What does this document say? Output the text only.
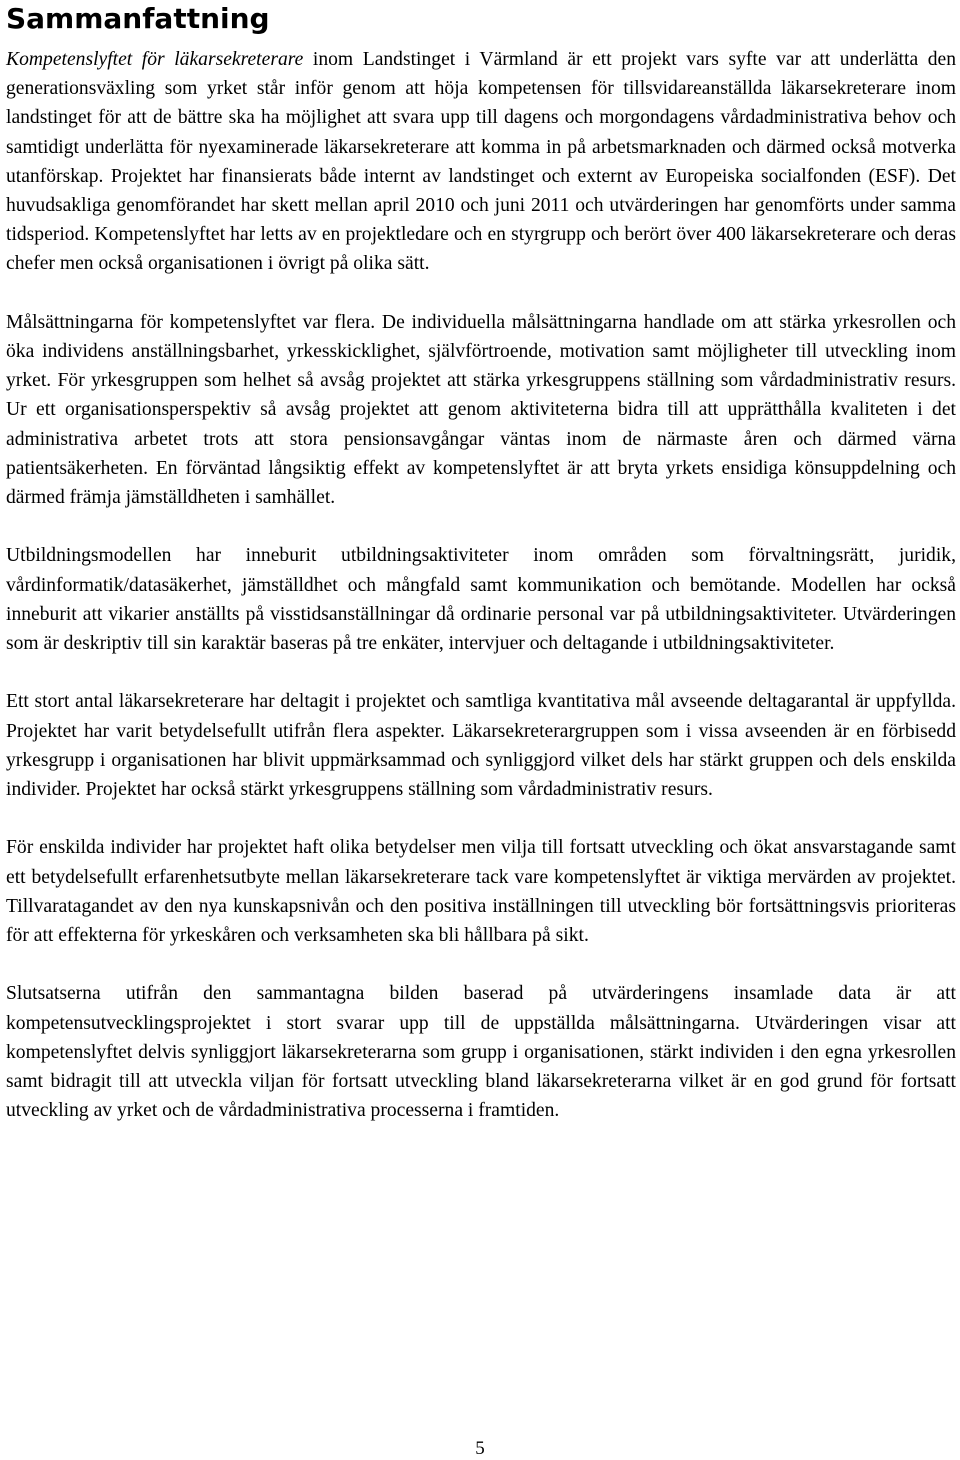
Sammanfattning

Kompetenslyftet för läkarsekreterare inom Landstinget i Värmland är ett projekt vars syfte var att underlätta den generationsväxling som yrket står inför genom att höja kompetensen för tillsvidareanställda läkarsekreterare inom landstinget för att de bättre ska ha möjlighet att svara upp till dagens och morgondagens vårdadministrativa behov och samtidigt underlätta för nyexaminerade läkarsekreterare att komma in på arbetsmarknaden och därmed också motverka utanförskap. Projektet har finansierats både internt av landstinget och externt av Europeiska socialfonden (ESF). Det huvudsakliga genomförandet har skett mellan april 2010 och juni 2011 och utvärderingen har genomförts under samma tidsperiod. Kompetenslyftet har letts av en projektledare och en styrgrupp och berört över 400 läkarsekreterare och deras chefer men också organisationen i övrigt på olika sätt.

Målsättningarna för kompetenslyftet var flera. De individuella målsättningarna handlade om att stärka yrkesrollen och öka individens anställningsbarhet, yrkesskicklighet, självförtroende, motivation samt möjligheter till utveckling inom yrket. För yrkesgruppen som helhet så avsåg projektet att stärka yrkesgruppens ställning som vårdadministrativ resurs. Ur ett organisationsperspektiv så avsåg projektet att genom aktiviteterna bidra till att upprätthålla kvaliteten i det administrativa arbetet trots att stora pensionsavgångar väntas inom de närmaste åren och därmed värna patientsäkerheten. En förväntad långsiktig effekt av kompetenslyftet är att bryta yrkets ensidiga könsuppdelning och därmed främja jämställdheten i samhället.

Utbildningsmodellen har inneburit utbildningsaktiviteter inom områden som förvaltningsrätt, juridik, vårdinformatik/datasäkerhet, jämställdhet och mångfald samt kommunikation och bemötande. Modellen har också inneburit att vikarier anställts på visstidsanställningar då ordinarie personal var på utbildningsaktiviteter. Utvärderingen som är deskriptiv till sin karaktär baseras på tre enkäter, intervjuer och deltagande i utbildningsaktiviteter.

Ett stort antal läkarsekreterare har deltagit i projektet och samtliga kvantitativa mål avseende deltagarantal är uppfyllda. Projektet har varit betydelsefullt utifrån flera aspekter. Läkarsekreterargruppen som i vissa avseenden är en förbisedd yrkesgrupp i organisationen har blivit uppmärksammad och synliggjord vilket dels har stärkt gruppen och dels enskilda individer. Projektet har också stärkt yrkesgruppens ställning som vårdadministrativ resurs.

För enskilda individer har projektet haft olika betydelser men vilja till fortsatt utveckling och ökat ansvarstagande samt ett betydelsefullt erfarenhetsutbyte mellan läkarsekreterare tack vare kompetenslyftet är viktiga mervärden av projektet. Tillvaratagandet av den nya kunskapsnivån och den positiva inställningen till utveckling bör fortsättningsvis prioriteras för att effekterna för yrkeskåren och verksamheten ska bli hållbara på sikt.

Slutsatserna utifrån den sammantagna bilden baserad på utvärderingens insamlade data är att kompetensutvecklingsprojektet i stort svarar upp till de uppställda målsättningarna. Utvärderingen visar att kompetenslyftet delvis synliggjort läkarsekreterarna som grupp i organisationen, stärkt individen i den egna yrkesrollen samt bidragit till att utveckla viljan för fortsatt utveckling bland läkarsekreterarna vilket är en god grund för fortsatt utveckling av yrket och de vårdadministrativa processerna i framtiden.

5
